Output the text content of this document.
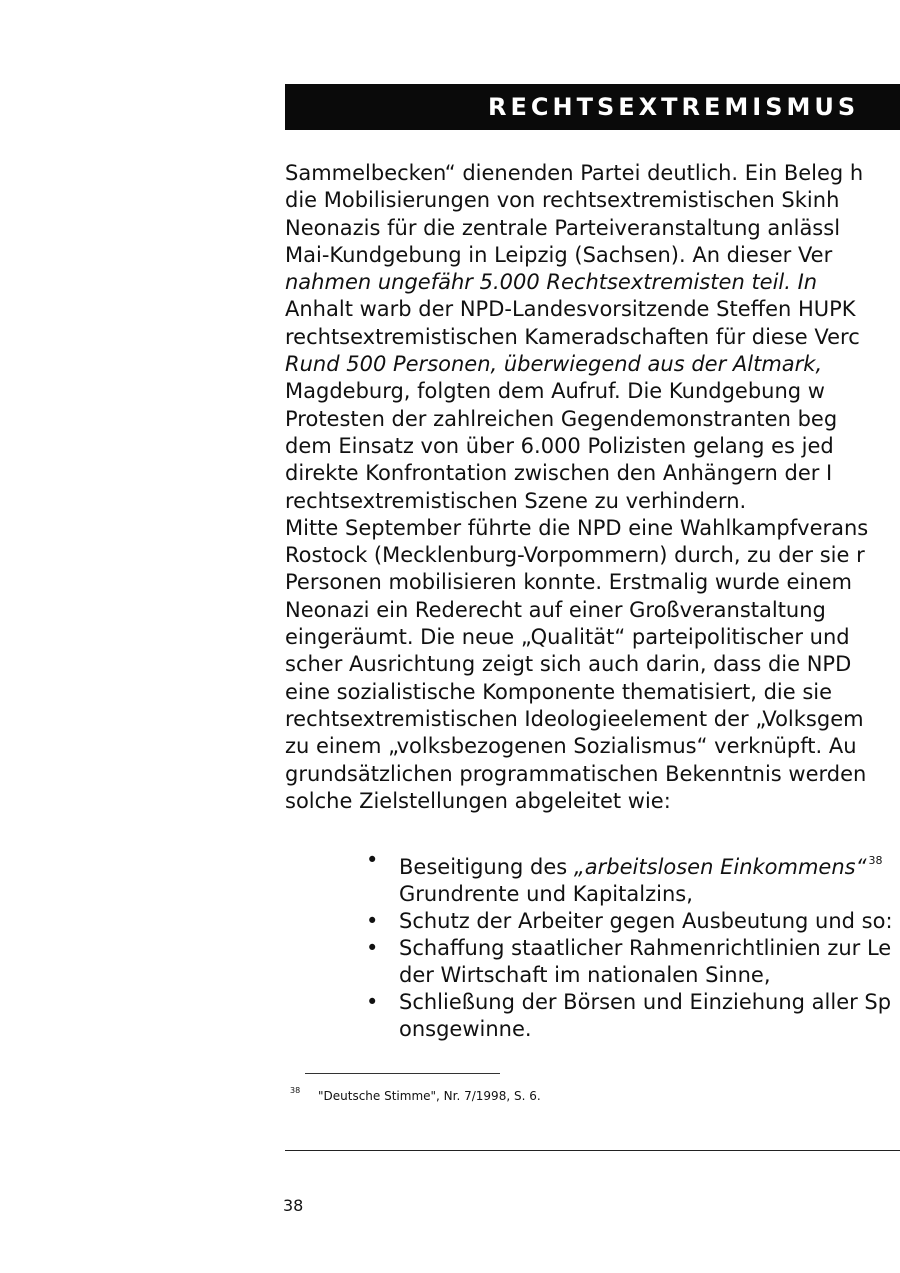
RECHTSEXTREMISMUS
Sammelbecken“ dienenden Partei deutlich. Ein Beleg h
die Mobilisierungen von rechtsextremistischen Skinh
Neonazis für die zentrale Parteiveranstaltung anlässl
Mai-Kundgebung in Leipzig (Sachsen). An dieser Ver
nahmen ungefähr 5.000 Rechtsextremisten teil. In
Anhalt warb der NPD-Landesvorsitzende Steffen HUPK
rechtsextremistischen Kameradschaften für diese Verc
Rund 500 Personen, überwiegend aus der Altmark,
Magdeburg, folgten dem Aufruf. Die Kundgebung w
Protesten der zahlreichen Gegendemonstranten beg
dem Einsatz von über 6.000 Polizisten gelang es jed
direkte Konfrontation zwischen den Anhängern der I
rechtsextremistischen Szene zu verhindern.
Mitte September führte die NPD eine Wahlkampfverans
Rostock (Mecklenburg-Vorpommern) durch, zu der sie r
Personen mobilisieren konnte. Erstmalig wurde einem
Neonazi ein Rederecht auf einer Großveranstaltung
eingeräumt. Die neue „Qualität“ parteipolitischer und
scher Ausrichtung zeigt sich auch darin, dass die NPD
eine sozialistische Komponente thematisiert, die sie
rechtsextremistischen Ideologieelement der „Volksgem
zu einem „volksbezogenen Sozialismus“ verknüpft. Au
grundsätzlichen programmatischen Bekenntnis werden
solche Zielstellungen abgeleitet wie:
• Beseitigung des „arbeitslosen Einkommens“ $^{38}$
Grundrente und Kapitalzins,
• Schutz der Arbeiter gegen Ausbeutung und so:
• Schaffung staatlicher Rahmenrichtlinien zur Le
der Wirtschaft im nationalen Sinne,
• Schließung der Börsen und Einziehung aller Sp
onsgewinne.
38 "Deutsche Stimme", Nr. 7/1998, S. 6.
38
